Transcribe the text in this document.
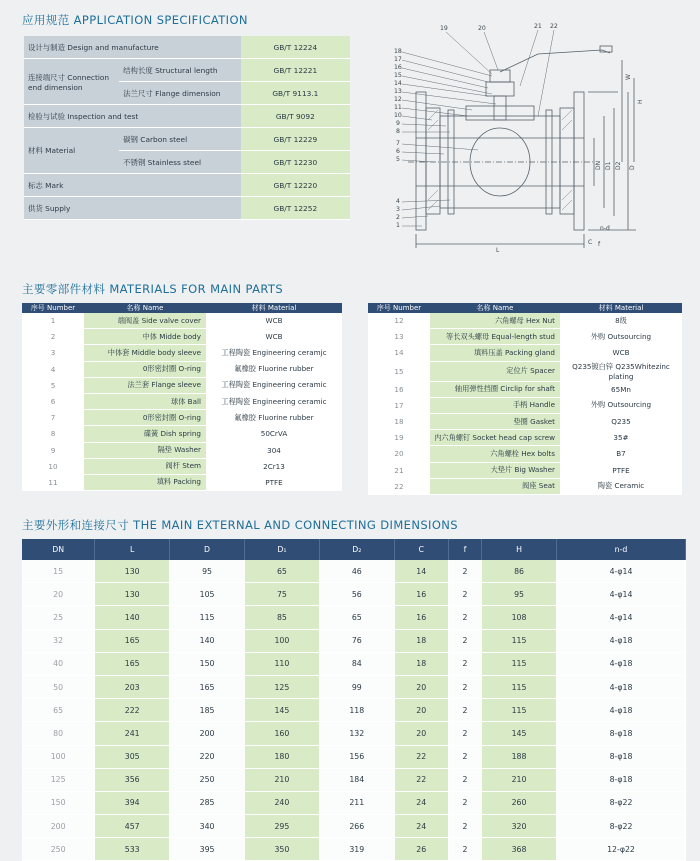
应用规范 APPLICATION SPECIFICATION
设计与制造 Design and manufacture		GB/T 12224
连接端尺寸 Connection end dimension	结构长度 Structural length	GB/T 12221
	法兰尺寸 Flange dimension	GB/T 9113.1
检验与试验 Inspection and test		GB/T 9092
材料 Material	碳钢 Carbon steel	GB/T 12229
	不锈钢 Stainless steel	GB/T 12230
标志 Mark		GB/T 12220
供货 Supply		GB/T 12252
18
17
16
15
14
13
12
11
10
9
8
7
6
5
4
3
2
1
19	20	21 22
W
H
DN D1 D2 D
L
C f
n-d
主要零部件材料 MATERIALS FOR MAIN PARTS
序号 Number	名称 Name	材料 Material
1	端阀盖 Side valve cover	WCB
2	中体 Midde body	WCB
3	中体套 Middle body sleeve	工程陶瓷 Engineering ceramjc
4	0形密封圈 O-ring	氟橡胶 Fluorine rubber
5	法兰套 Flange sleeve	工程陶瓷 Engineering ceramic
6	球体 Ball	工程陶瓷 Engineering ceramic
7	0形密封圈 O-ring	氟橡胶 Fluorine rubber
8	碟簧 Dish spring	50CrVA
9	隔垫 Washer	304
10	阀杆 Stem	2Cr13
11	填料 Packing	PTFE
序号 Number	名称 Name	材料 Material
12	六角螺母 Hex Nut	8级
13	等长双头螺母 Equal-length stud	外购 Outsourcing
14	填料压盖 Packing gland	WCB
15	定位片 Spacer	Q235镀白锌 Q235Whitezinc plating
16	轴用弹性挡圈 Circlip for shaft	65Mn
17	手柄 Handle	外购 Outsourcing
18	垫圈 Gasket	Q235
19	内六角螺钉 Socket head cap screw	35#
20	六角螺栓 Hex bolts	B7
21	大垫片 Big Washer	PTFE
22	阀座 Seat	陶瓷 Ceramic
主要外形和连接尺寸 THE MAIN EXTERNAL AND CONNECTING DIMENSIONS
DN	L	D	D₁	D₂	C	f	H	n-d
15	130	95	65	46	14	2	86	4-φ14
20	130	105	75	56	16	2	95	4-φ14
25	140	115	85	65	16	2	108	4-φ14
32	165	140	100	76	18	2	115	4-φ18
40	165	150	110	84	18	2	115	4-φ18
50	203	165	125	99	20	2	115	4-φ18
65	222	185	145	118	20	2	115	4-φ18
80	241	200	160	132	20	2	145	8-φ18
100	305	220	180	156	22	2	188	8-φ18
125	356	250	210	184	22	2	210	8-φ18
150	394	285	240	211	24	2	260	8-φ22
200	457	340	295	266	24	2	320	8-φ22
250	533	395	350	319	26	2	368	12-φ22
